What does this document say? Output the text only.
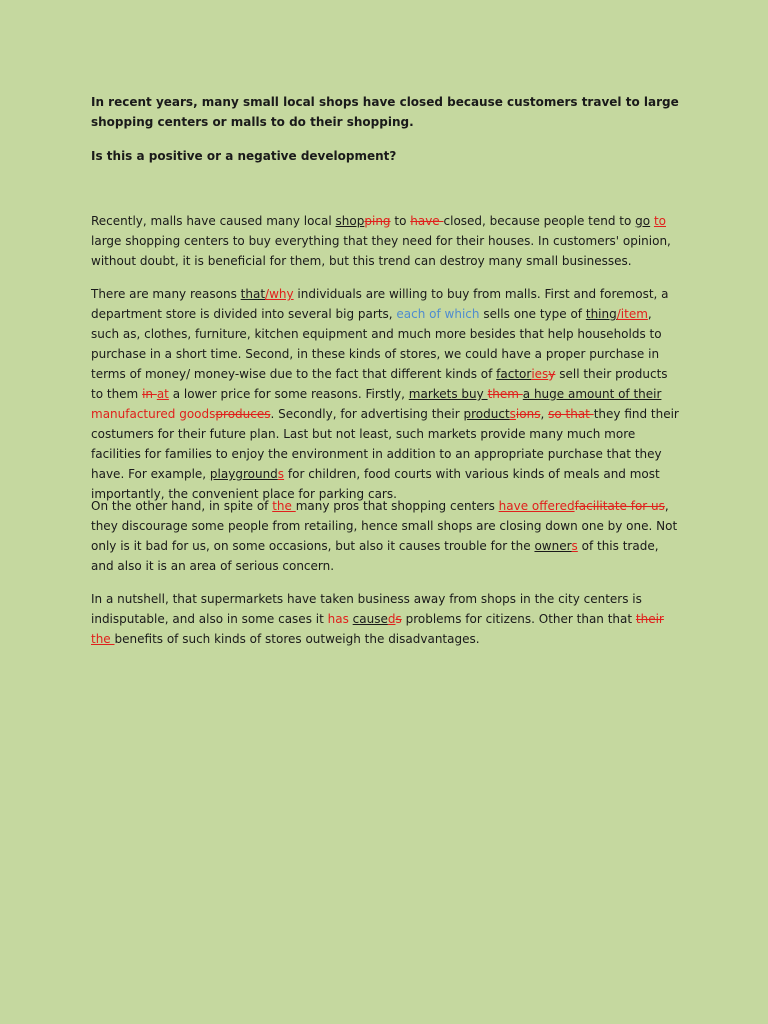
In recent years, many small local shops have closed because customers travel to large shopping centers or malls to do their shopping.

Is this a positive or a negative development?

Recently, malls have caused many local shopping to have closed, because people tend to go to large shopping centers to buy everything that they need for their houses. In customers' opinion, without doubt, it is beneficial for them, but this trend can destroy many small businesses.

There are many reasons that/why individuals are willing to buy from malls. First and foremost, a department store is divided into several big parts, each of which sells one type of thing/item, such as, clothes, furniture, kitchen equipment and much more besides that help households to purchase in a short time. Second, in these kinds of stores, we could have a proper purchase in terms of money/ money-wise due to the fact that different kinds of factoriesy sell their products to them in at a lower price for some reasons. Firstly, markets buy them a huge amount of their manufactured goodsproduces. Secondly, for advertising their productsions, so that they find their costumers for their future plan. Last but not least, such markets provide many much more facilities for families to enjoy the environment in addition to an appropriate purchase that they have. For example, playgrounds for children, food courts with various kinds of meals and most importantly, the convenient place for parking cars.

On the other hand, in spite of the many pros that shopping centers have offeredfacilitate for us, they discourage some people from retailing, hence small shops are closing down one by one. Not only is it bad for us, on some occasions, but also it causes trouble for the owners of this trade, and also it is an area of serious concern.

In a nutshell, that supermarkets have taken business away from shops in the city centers is indisputable, and also in some cases it has causeds problems for citizens. Other than that their the benefits of such kinds of stores outweigh the disadvantages.
